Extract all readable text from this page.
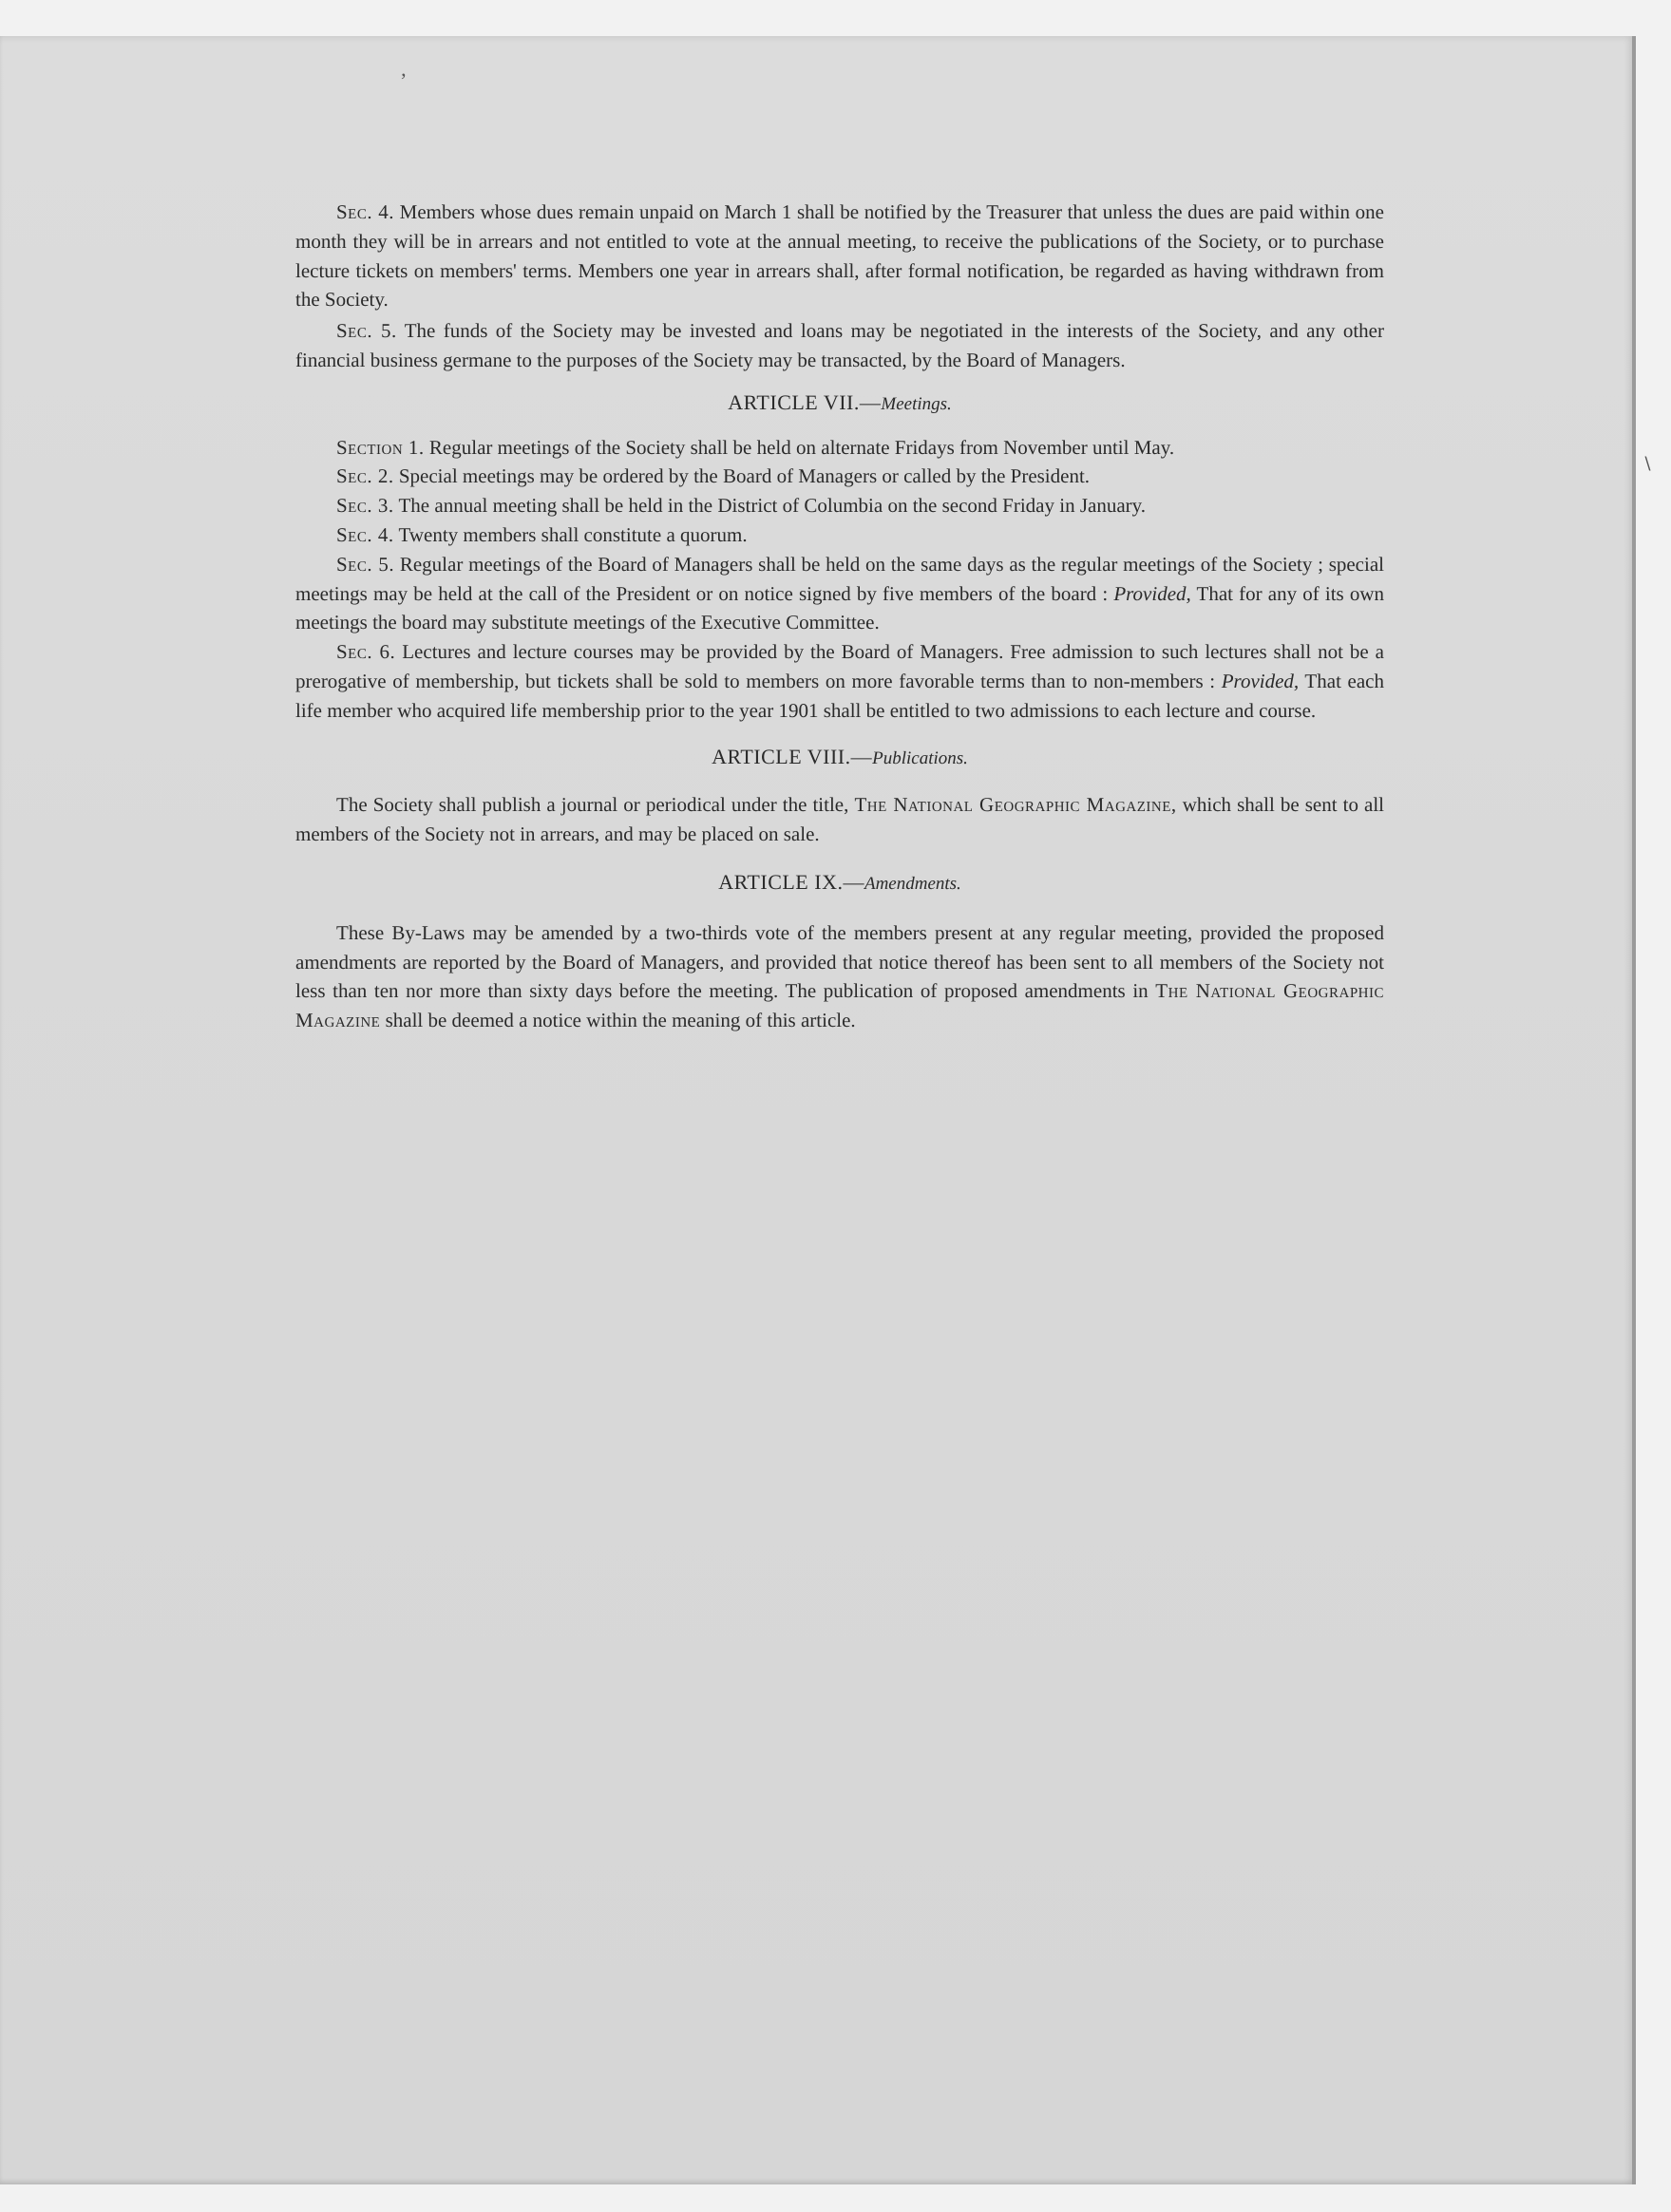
’
∖

Sec. 4. Members whose dues remain unpaid on March 1 shall be notified by the Treasurer that unless the dues are paid within one month they will be in arrears and not entitled to vote at the annual meeting, to receive the publications of the Society, or to purchase lecture tickets on members' terms. Members one year in arrears shall, after formal notification, be regarded as having withdrawn from the Society.

Sec. 5. The funds of the Society may be invested and loans may be negotiated in the interests of the Society, and any other financial business germane to the purposes of the Society may be transacted, by the Board of Managers.

ARTICLE VII.—Meetings.

Section 1. Regular meetings of the Society shall be held on alternate Fridays from November until May.

Sec. 2. Special meetings may be ordered by the Board of Managers or called by the President.

Sec. 3. The annual meeting shall be held in the District of Columbia on the second Friday in January.

Sec. 4. Twenty members shall constitute a quorum.

Sec. 5. Regular meetings of the Board of Managers shall be held on the same days as the regular meetings of the Society ; special meetings may be held at the call of the President or on notice signed by five members of the board : Provided, That for any of its own meetings the board may substitute meetings of the Executive Committee.

Sec. 6. Lectures and lecture courses may be provided by the Board of Managers. Free admission to such lectures shall not be a prerogative of membership, but tickets shall be sold to members on more favorable terms than to non-members : Provided, That each life member who acquired life membership prior to the year 1901 shall be entitled to two admissions to each lecture and course.

ARTICLE VIII.—Publications.

The Society shall publish a journal or periodical under the title, The National Geographic Magazine, which shall be sent to all members of the Society not in arrears, and may be placed on sale.

ARTICLE IX.—Amendments.

These By-Laws may be amended by a two-thirds vote of the members present at any regular meeting, provided the proposed amendments are reported by the Board of Managers, and provided that notice thereof has been sent to all members of the Society not less than ten nor more than sixty days before the meeting. The publication of proposed amendments in The National Geographic Magazine shall be deemed a notice within the meaning of this article.
